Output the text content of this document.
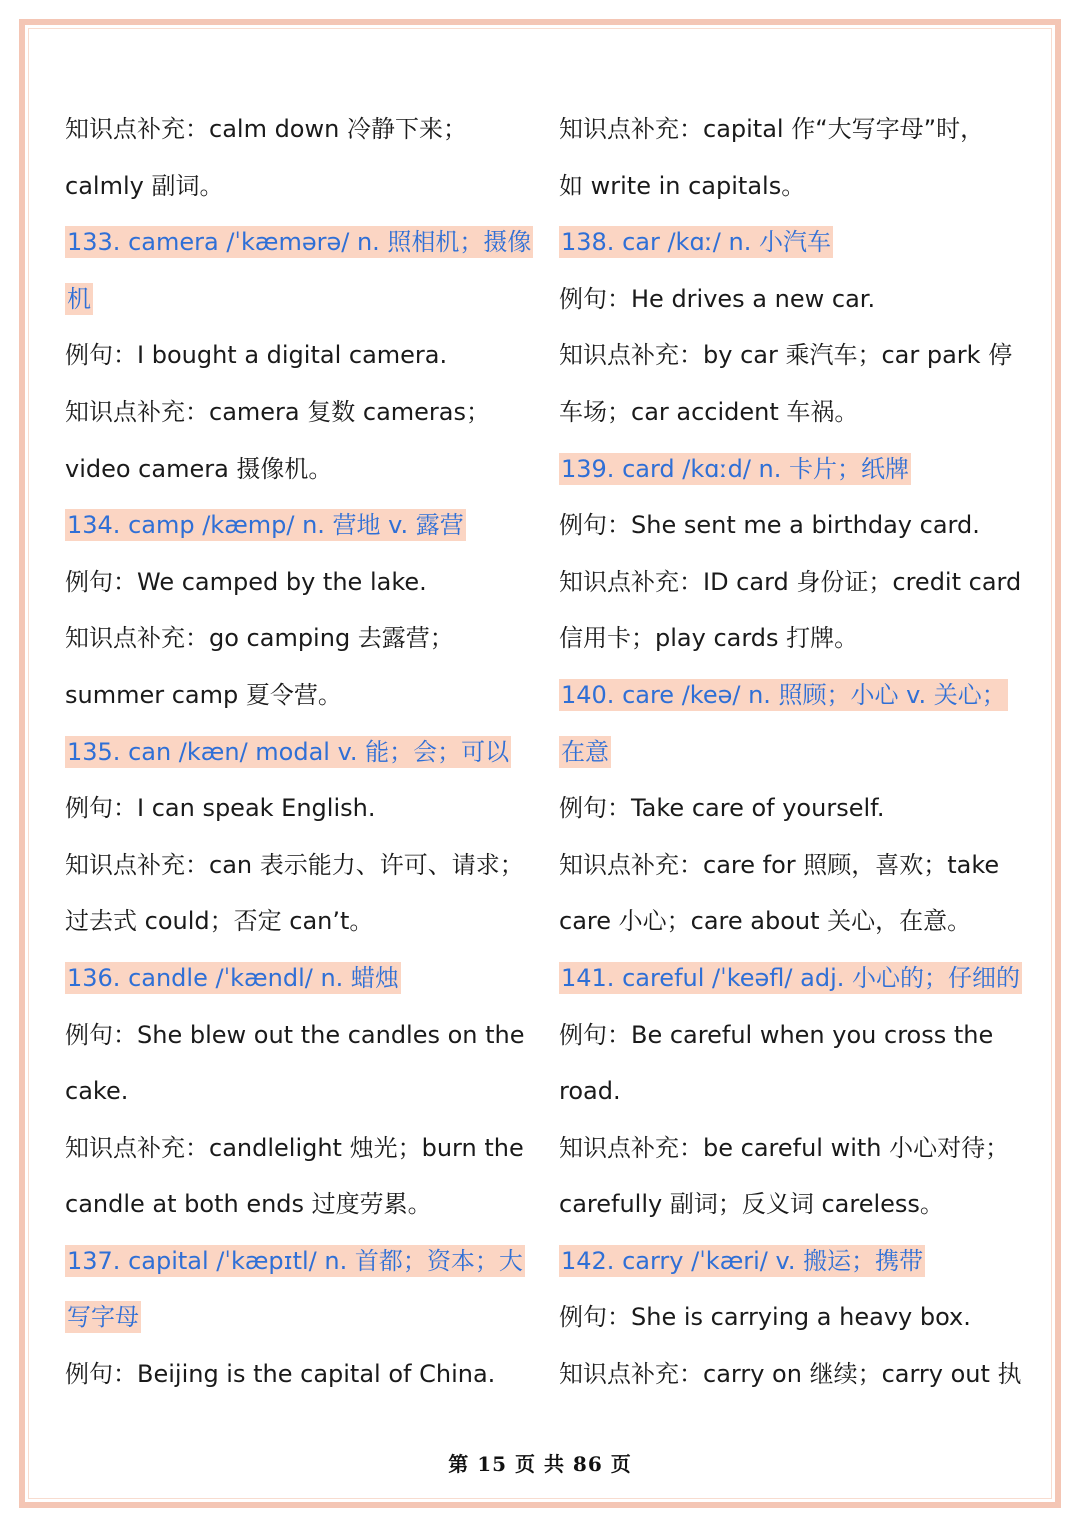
知识点补充：calm down 冷静下来；
calmly 副词。
133. camera /ˈkæmərə/ n. 照相机；摄像
机
例句：I bought a digital camera.
知识点补充：camera 复数 cameras；
video camera 摄像机。
134. camp /kæmp/ n. 营地 v. 露营
例句：We camped by the lake.
知识点补充：go camping 去露营；
summer camp 夏令营。
135. can /kæn/ modal v. 能；会；可以
例句：I can speak English.
知识点补充：can 表示能力、许可、请求；
过去式 could；否定 can’t。
136. candle /ˈkændl/ n. 蜡烛
例句：She blew out the candles on the
cake.
知识点补充：candlelight 烛光；burn the
candle at both ends 过度劳累。
137. capital /ˈkæpɪtl/ n. 首都；资本；大
写字母
例句：Beijing is the capital of China.
知识点补充：capital 作“大写字母”时，
如 write in capitals。
138. car /kɑː/ n. 小汽车
例句：He drives a new car.
知识点补充：by car 乘汽车；car park 停
车场；car accident 车祸。
139. card /kɑːd/ n. 卡片；纸牌
例句：She sent me a birthday card.
知识点补充：ID card 身份证；credit card
信用卡；play cards 打牌。
140. care /keə/ n. 照顾；小心 v. 关心；
在意
例句：Take care of yourself.
知识点补充：care for 照顾，喜欢；take
care 小心；care about 关心，在意。
141. careful /ˈkeəfl/ adj. 小心的；仔细的
例句：Be careful when you cross the
road.
知识点补充：be careful with 小心对待；
carefully 副词；反义词 careless。
142. carry /ˈkæri/ v. 搬运；携带
例句：She is carrying a heavy box.
知识点补充：carry on 继续；carry out 执
第 15 页 共 86 页
